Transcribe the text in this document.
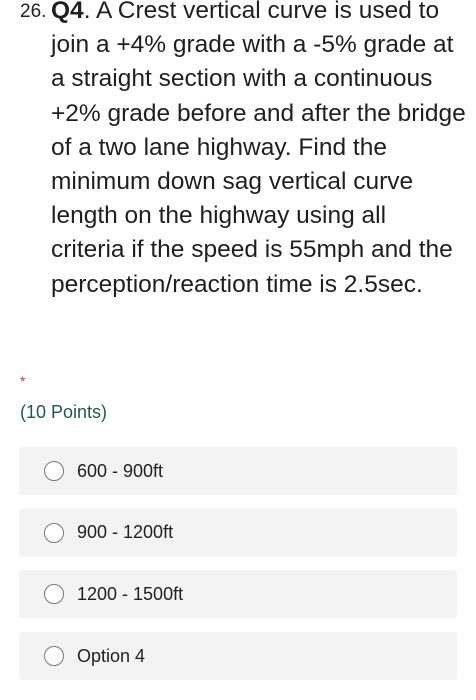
26. Q4. A Crest vertical curve is used to join a +4% grade with a -5% grade at a straight section with a continuous +2% grade before and after the bridge of a two lane highway. Find the minimum down sag vertical curve length on the highway using all criteria if the speed is 55mph and the perception/reaction time is 2.5sec.
*
(10 Points)
600 - 900ft
900 - 1200ft
1200 - 1500ft
Option 4
